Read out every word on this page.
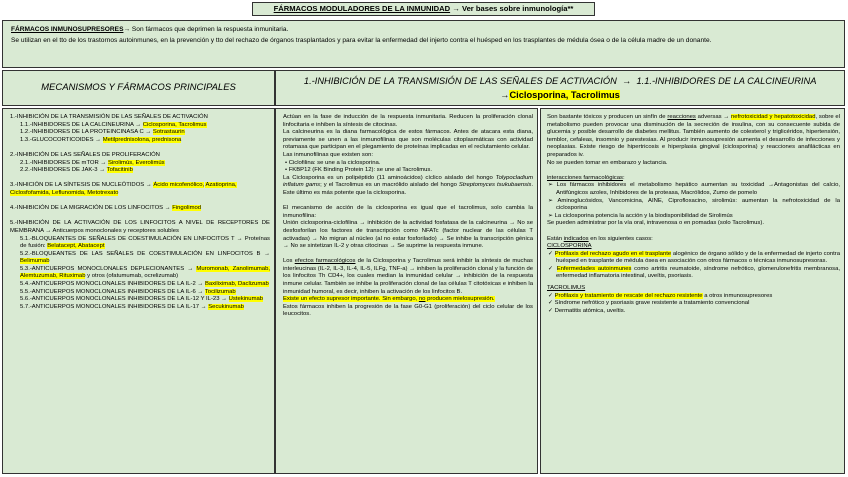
FÁRMACOS MODULADORES DE LA INMUNIDAD → Ver bases sobre inmunología**

FÁRMACOS INMUNOSUPRESORES→ Son fármacos que deprimen la respuesta inmunitaria.

Se utilizan en el tto de los trastornos autoinmunes, en la prevención y tto del rechazo de órganos trasplantados y para evitar la enfermedad del injerto contra el huésped en los trasplantes de médula ósea o de la célula madre de un donante.

MECANISMOS Y FÁRMACOS PRINCIPALES
1.-INHIBICIÓN DE LA TRANSMISIÓN DE LAS SEÑALES DE ACTIVACIÓN  →  1.1.-INHIBIDORES DE LA CALCINEURINA →Ciclosporina, Tacrolimus

1.-INHIBICIÓN DE LA TRANSMISIÓN DE LAS SEÑALES DE ACTIVACIÓN

1.1.-INHIBIDORES DE LA CALCINEURINA → Ciclosporina, Tacrolimus

1.2.-INHIBIDORES DE LA PROTEINCINASA C → Sotrastaurin

1.3.-GLUCOCORTICOIDES → Metilprednisolona, prednisona

2.-INHIBICIÓN DE LAS SEÑALES DE PROLIFERACIÓN

2.1.-INHIBIDORES DE mTOR → Sirolimús, Everolimús

2.2.-INHIBIDORES DE JAK-3 → Tofacitinib

3.-INHICIÓN DE LA SÍNTESIS DE NUCLEÓTIDOS → Ácido micofenólico, Azatioprina, Ciclosfofamida, Leflunomida, Metotrexato

4.-INHIBICIÓN DE LA MIGRACIÓN DE LOS LINFOCITOS → Fingolimod

5.-INHIBICIÓN DE LA ACTIVACIÓN DE LOS LINFOCITOS A NIVEL DE RECEPTORES DE MEMBRANA → Anticuerpos monoclonales y receptores solubles

5.1.-BLOQUEANTES DE SEÑALES DE COESTIMULACIÓN EN LINFOCITOS T → Proteínas de fusión: Belatacept, Abatacept

5.2.-BLOQUEANTES DE LAS SEÑALES DE COESTIMULACIÓN EN LINFOCITOS B → Belimumab

5.3.-ANTICUERPOS MONOCLONALES DEPLECIONANTES → Muromonab, Zanolimumab, Alemtuzumab, Rituximab y otros (ofatumumab, ocrelizumab)

5.4.-ANTICUERPOS MONOCLONALES INHIBIDORES DE LA IL-2 → Baxiliximab, Daclizumab

5.5.-ANTICUERPOS MONOCLONALES INHIBIDORES DE LA IL-6 → Tocilizumab

5.6.-ANTICUERPOS MONOCLONALES INHIBIDORES DE LA IL-12 Y IL-23 → Ustekinumab

5.7.-ANTICUERPOS MONOCLONALES INHIBIDORES DE LA IL-17 → Secukinumab

Actúan en la fase de inducción de la respuesta inmunitaria. Reducen la proliferación clonal linfocitaria e inhiben la síntesis de citocinas.

La calcineurina es la diana farmacológica de estos fármacos. Antes de atacara esta diana, previamente se unen a las inmunofilinas que son moléculas citoplasmáticas con actividad rotamasa que participan en el plegamiento de proteínas implicadas en el reclutamiento celular.

Las inmunofilinas que existen son:

• Ciclofilina: se une a la ciclosporina.

• FKBP12 (FK Binding Protein 12): se une al Tacrolimus.

La Ciclosporina es un polipéptido (11 aminoácidos) cíclico aislado del hongo Tolypocladium inflatum gams; y el Tacrolimus es un macrólido aislado del hongo Streptomyces tsukubaensis. Este último es más potente que la ciclosporina.

El mecanismo de acción de la ciclosporina es igual que el tacrolimus, solo cambia la inmunofilina:

Unión ciclosporina-ciclofilina → inhibición de la actividad fosfatasa de la calcineurina → No se desfosforilan los factores de transcripción como NFATc (factor nuclear de las células T activadas) → No migran al núcleo (al no estar fosforilado) → Se inhibe la transcripción génica → No se sintetizan IL-2 y otras citocinas → Se suprime la respuesta inmune.

Los efectos farmacológicos de la Ciclosporina y Tacrolimus será inhibir la síntesis de muchas interleucinas (IL-2, IL-3, IL-4, IL-5, ILFg, TNF-a) → inhiben la proliferación clonal y la función de los linfocitos Th CD4+, los cuales median la inmunidad celular → inhibición de la respuesta inmune celular. También se inhibe la proliferación clonal de las células T citotóxicas e inhiben la inmunidad humoral, es decir, inhiben la activación de los linfocitos B.

Existe un efecto supresor importante. Sin embargo, no producen mielosupresión.

Estos fármacos inhiben la progresión de la fase G0-G1 (proliferación) del ciclo celular de los leucocitos.

Son bastante tóxicos y producen un sinfín de reacciones adversas → nefrotoxicidad y hepatotoxicidad, sobre el metabolismo pueden provocar una disminución de la secreción de insulina, con su consecuente subida de glucemia y posible desarrollo de diabetes mellitus. También aumento de colesterol y triglicéridos, hipertensión, temblor, cefaleas, insomnio y parestesias. Al producir inmunosupresión aumenta el desarrollo de infecciones y neoplasias. Existe riesgo de hipertricosis e hiperplasia gingival (ciclosporina) y reacciones anafilácticas en preparados iv.

No se pueden tomar en embarazo y lactancia.

interacciones farmacológicas:

➢ Los fármacos inhibidores el metabolismo hepático aumentan su toxicidad →Antagonistas del calcio, Antifúngicos azoles, Inhibidores de la proteasa, Macrólidos, Zumo de pomelo

➢ Aminoglucósidos, Vancomicina, AINE, Ciprofloxacino, sirolimús: aumentan la nefrotoxicidad de la ciclosporina

➢ La ciclosporina potencia la acción y la biodisponibilidad de Sirolimús

Se pueden administrar por la vía oral, intravenosa o en pomadas (solo Tacrolimus).

Están indicados en los siguientes casos:

CICLOSPORINA

✓ Profilaxis del rechazo agudo en el trasplante alogénico de órgano sólido y de la enfermedad de injerto contra huésped en trasplante de médula ósea en asociación con otros fármacos o técnicas inmunosupresoras.

✓ Enfermedades autoinmunes como artritis reumatoide, síndrome nefrótico, glomerulonefritis membranosa, enfermedad inflamatoria intestinal, uveítis, psoriasis.

TACROLIMUS

✓ Profilaxis y tratamiento de rescate del rechazo resistente a otros inmunosupresores

✓ Síndrome nefrótico y psoriasis grave resistente a tratamiento convencional

✓ Dermatitis atómica, uveítis.
